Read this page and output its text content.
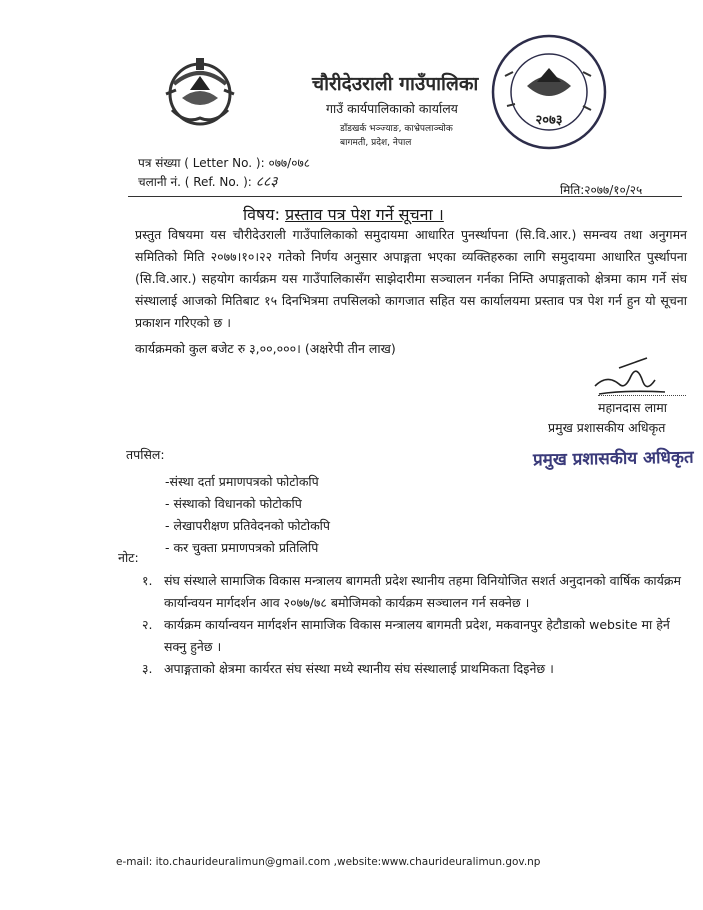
चौरीदेउराली गाउँपालिका
गाउँ कार्यपालिकाको कार्यालय
डाँडखर्क भञ्ज्याङ, काभ्रेपलाञ्चोक
बागमती, प्रदेश, नेपाल
२०७३
पत्र संख्या ( Letter No. ): ०७७/०७८
चलानी नं. ( Ref. No. ): ८८३	मिति:२०७७/१०/२५
विषय: प्रस्ताव पत्र पेश गर्ने सूचना ।
प्रस्तुत विषयमा यस चौरीदेउराली गाउँपालिकाको समुदायमा आधारित पुनर्स्थापना (सि.वि.आर.) समन्वय तथा अनुगमन समितिको मिति २०७७।१०।२२ गतेको निर्णय अनुसार अपाङ्गता भएका व्यक्तिहरुका लागि समुदायमा आधारित पुर्स्थापना (सि.वि.आर.) सहयोग कार्यक्रम यस गाउँपालिकासँग साझेदारीमा सञ्चालन गर्नका निम्ति अपाङ्गताको क्षेत्रमा काम गर्ने संघ संस्थालाई आजको मितिबाट १५ दिनभित्रमा तपसिलको कागजात सहित यस कार्यालयमा प्रस्ताव पत्र पेश गर्न हुन यो सूचना प्रकाशन गरिएको छ ।
कार्यक्रमको कुल बजेट रु ३,००,०००। (अक्षरेपी तीन लाख)
महानदास लामा
प्रमुख प्रशासकीय अधिकृत
प्रमुख प्रशासकीय अधिकृत
तपसिल:
-संस्था दर्ता प्रमाणपत्रको फोटोकपि
- संस्थाको विधानको फोटोकपि
- लेखापरीक्षण प्रतिवेदनको फोटोकपि
- कर चुक्ता प्रमाणपत्रको प्रतिलिपि
नोट:
१. संघ संस्थाले सामाजिक विकास मन्त्रालय बागमती प्रदेश स्थानीय तहमा विनियोजित सशर्त अनुदानको वार्षिक कार्यक्रम कार्यान्वयन मार्गदर्शन आव २०७७/७८ बमोजिमको कार्यक्रम सञ्चालन गर्न सक्नेछ ।
२. कार्यक्रम कार्यान्वयन मार्गदर्शन सामाजिक विकास मन्त्रालय बागमती प्रदेश, मकवानपुर हेटौडाको website मा हेर्न सक्नु हुनेछ ।
३. अपाङ्गताको क्षेत्रमा कार्यरत संघ संस्था मध्ये स्थानीय संघ संस्थालाई प्राथमिकता दिइनेछ ।
e-mail: ito.chaurideuralimun@gmail.com ,website:www.chaurideuralimun.gov.np
